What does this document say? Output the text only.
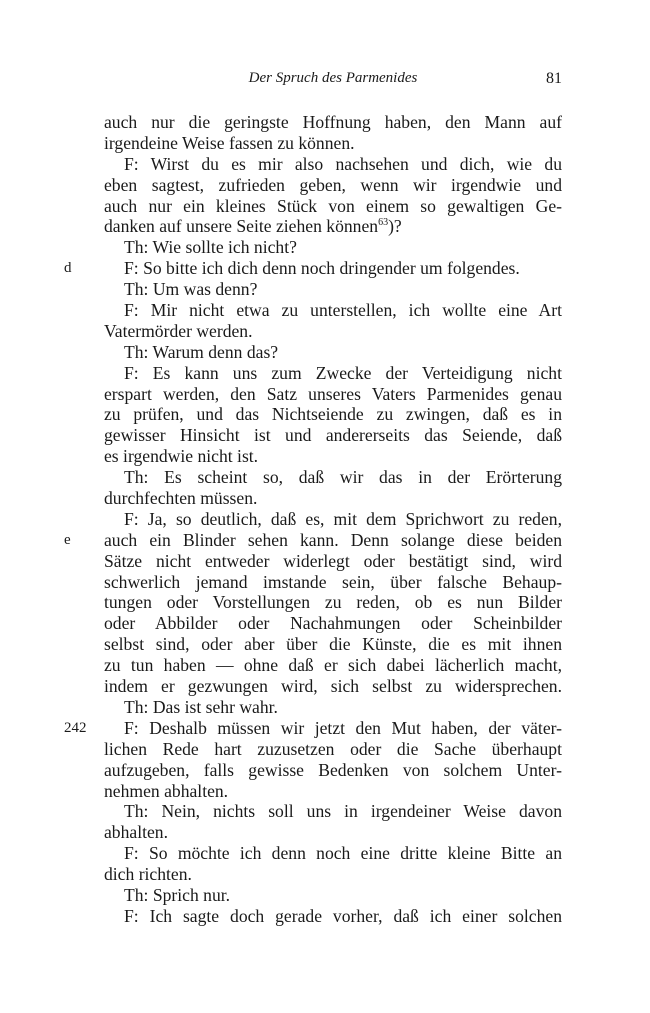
Der Spruch des Parmenides	81
auch nur die geringste Hoffnung haben, den Mann auf
irgendeine Weise fassen zu können.
F: Wirst du es mir also nachsehen und dich, wie du
eben sagtest, zufrieden geben, wenn wir irgendwie und
auch nur ein kleines Stück von einem so gewaltigen Ge-
danken auf unsere Seite ziehen können$^{63}$)?
Th: Wie sollte ich nicht?
d	F: So bitte ich dich denn noch dringender um folgendes.
Th: Um was denn?
F: Mir nicht etwa zu unterstellen, ich wollte eine Art
Vatermörder werden.
Th: Warum denn das?
F: Es kann uns zum Zwecke der Verteidigung nicht
erspart werden, den Satz unseres Vaters Parmenides genau
zu prüfen, und das Nichtseiende zu zwingen, daß es in
gewisser Hinsicht ist und andererseits das Seiende, daß
es irgendwie nicht ist.
Th: Es scheint so, daß wir das in der Erörterung
durchfechten müssen.
F: Ja, so deutlich, daß es, mit dem Sprichwort zu reden,
e	auch ein Blinder sehen kann. Denn solange diese beiden
Sätze nicht entweder widerlegt oder bestätigt sind, wird
schwerlich jemand imstande sein, über falsche Behaup-
tungen oder Vorstellungen zu reden, ob es nun Bilder
oder Abbilder oder Nachahmungen oder Scheinbilder
selbst sind, oder aber über die Künste, die es mit ihnen
zu tun haben — ohne daß er sich dabei lächerlich macht,
indem er gezwungen wird, sich selbst zu widersprechen.
Th: Das ist sehr wahr.
242	F: Deshalb müssen wir jetzt den Mut haben, der väter-
lichen Rede hart zuzusetzen oder die Sache überhaupt
aufzugeben, falls gewisse Bedenken von solchem Unter-
nehmen abhalten.
Th: Nein, nichts soll uns in irgendeiner Weise davon
abhalten.
F: So möchte ich denn noch eine dritte kleine Bitte an
dich richten.
Th: Sprich nur.
F: Ich sagte doch gerade vorher, daß ich einer solchen
